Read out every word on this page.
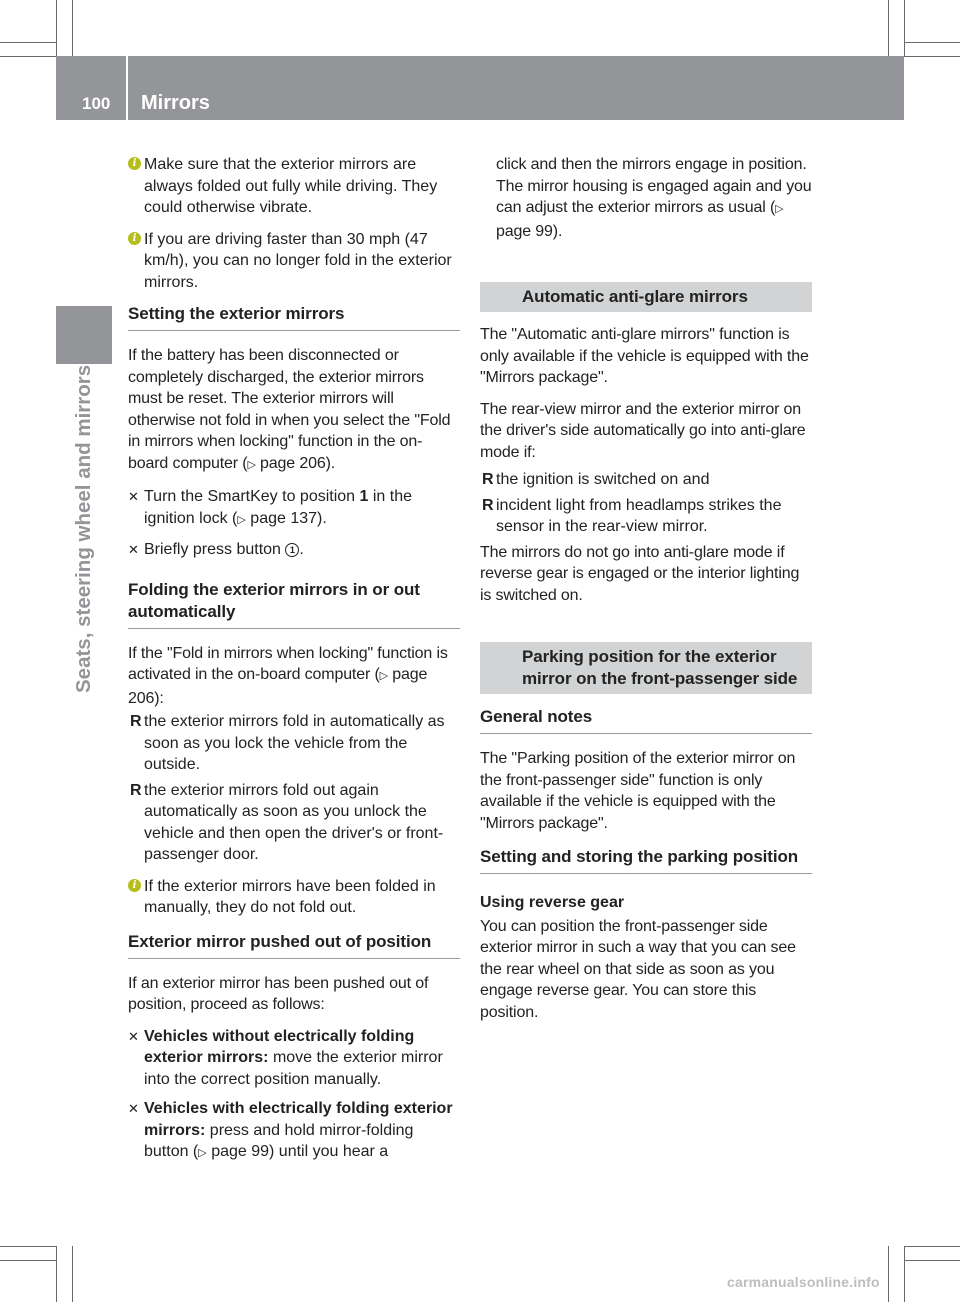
100 Mirrors
Seats, steering wheel and mirrors
i Make sure that the exterior mirrors are always folded out fully while driving. They could otherwise vibrate.
i If you are driving faster than 30 mph (47 km/h), you can no longer fold in the exterior mirrors.
Setting the exterior mirrors

If the battery has been disconnected or completely discharged, the exterior mirrors must be reset. The exterior mirrors will otherwise not fold in when you select the "Fold in mirrors when locking" function in the on-board computer (▷ page 206).

✕ Turn the SmartKey to position 1 in the ignition lock (▷ page 137).
✕ Briefly press button 1 .
Folding the exterior mirrors in or out automatically

If the "Fold in mirrors when locking" function is activated in the on-board computer (▷ page 206):

R the exterior mirrors fold in automatically as soon as you lock the vehicle from the outside.
R the exterior mirrors fold out again automatically as soon as you unlock the vehicle and then open the driver's or front-passenger door.
i If the exterior mirrors have been folded in manually, they do not fold out.
Exterior mirror pushed out of position

If an exterior mirror has been pushed out of position, proceed as follows:

✕ Vehicles without electrically folding exterior mirrors: move the exterior mirror into the correct position manually.
✕ Vehicles with electrically folding exterior mirrors: press and hold mirror-folding button (▷ page 99) until you hear a

click and then the mirrors engage in position.

The mirror housing is engaged again and you can adjust the exterior mirrors as usual (▷ page 99).

Automatic anti-glare mirrors

The "Automatic anti-glare mirrors" function is only available if the vehicle is equipped with the "Mirrors package".

The rear-view mirror and the exterior mirror on the driver's side automatically go into anti-glare mode if:

R the ignition is switched on and
R incident light from headlamps strikes the sensor in the rear-view mirror.

The mirrors do not go into anti-glare mode if reverse gear is engaged or the interior lighting is switched on.

Parking position for the exterior mirror on the front-passenger side
General notes

The "Parking position of the exterior mirror on the front-passenger side" function is only available if the vehicle is equipped with the "Mirrors package".

Setting and storing the parking position
Using reverse gear

You can position the front-passenger side exterior mirror in such a way that you can see the rear wheel on that side as soon as you engage reverse gear. You can store this position.

carmanualsonline.info
